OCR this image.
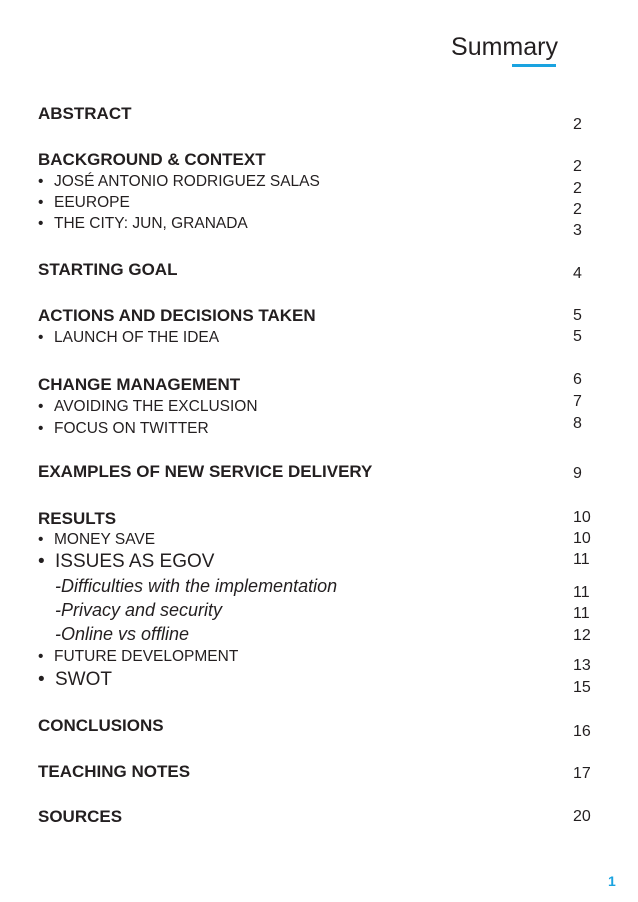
Summary
ABSTRACT
BACKGROUND & CONTEXT
• JOSÉ ANTONIO RODRIGUEZ SALAS
• EEUROPE
• THE CITY: JUN, GRANADA
STARTING GOAL
ACTIONS AND DECISIONS TAKEN
• LAUNCH OF THE IDEA
CHANGE MANAGEMENT
• AVOIDING THE EXCLUSION
• FOCUS ON TWITTER
EXAMPLES OF NEW SERVICE DELIVERY
RESULTS
• MONEY SAVE
• ISSUES AS EGOV
-Difficulties with the implementation
-Privacy and security
-Online vs offline
• FUTURE DEVELOPMENT
• SWOT
CONCLUSIONS
TEACHING NOTES
SOURCES
2
2
2
2
3
4
5
5
6
7
8
9
10
10
11
11
11
12
13
15
16
17
20
1
